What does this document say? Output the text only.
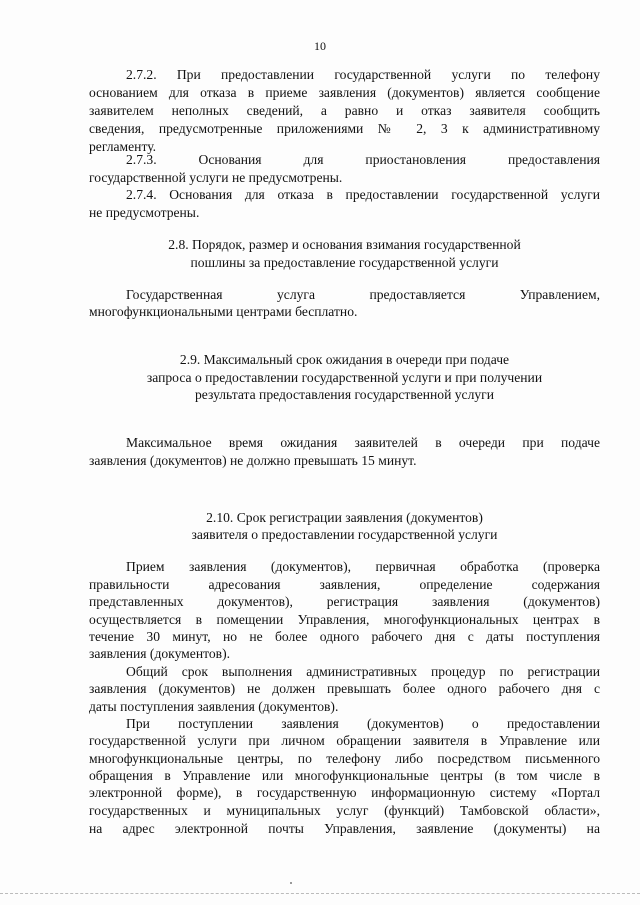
10
2.7.2. При предоставлении государственной услуги по телефону
основанием для отказа в приеме заявления (документов) является сообщение
заявителем неполных сведений, а равно и отказ заявителя сообщить
сведения, предусмотренные приложениями № 2, 3 к административному
регламенту.
2.7.3. Основания для приостановления предоставления
государственной услуги не предусмотрены.
2.7.4. Основания для отказа в предоставлении государственной услуги
не предусмотрены.
2.8. Порядок, размер и основания взимания государственной
пошлины за предоставление государственной услуги
Государственная услуга предоставляется Управлением,
многофункциональными центрами бесплатно.
2.9. Максимальный срок ожидания в очереди при подаче
запроса о предоставлении государственной услуги и при получении
результата предоставления государственной услуги
Максимальное время ожидания заявителей в очереди при подаче
заявления (документов) не должно превышать 15 минут.
2.10. Срок регистрации заявления (документов)
заявителя о предоставлении государственной услуги
Прием заявления (документов), первичная обработка (проверка
правильности адресования заявления, определение содержания
представленных документов), регистрация заявления (документов)
осуществляется в помещении Управления, многофункциональных центрах в
течение 30 минут, но не более одного рабочего дня с даты поступления
заявления (документов).
Общий срок выполнения административных процедур по регистрации
заявления (документов) не должен превышать более одного рабочего дня с
даты поступления заявления (документов).
При поступлении заявления (документов) о предоставлении
государственной услуги при личном обращении заявителя в Управление или
многофункциональные центры, по телефону либо посредством письменного
обращения в Управление или многофункциональные центры (в том числе в
электронной форме), в государственную информационную систему «Портал
государственных и муниципальных услуг (функций) Тамбовской области»,
на адрес электронной почты Управления, заявление (документы) на
